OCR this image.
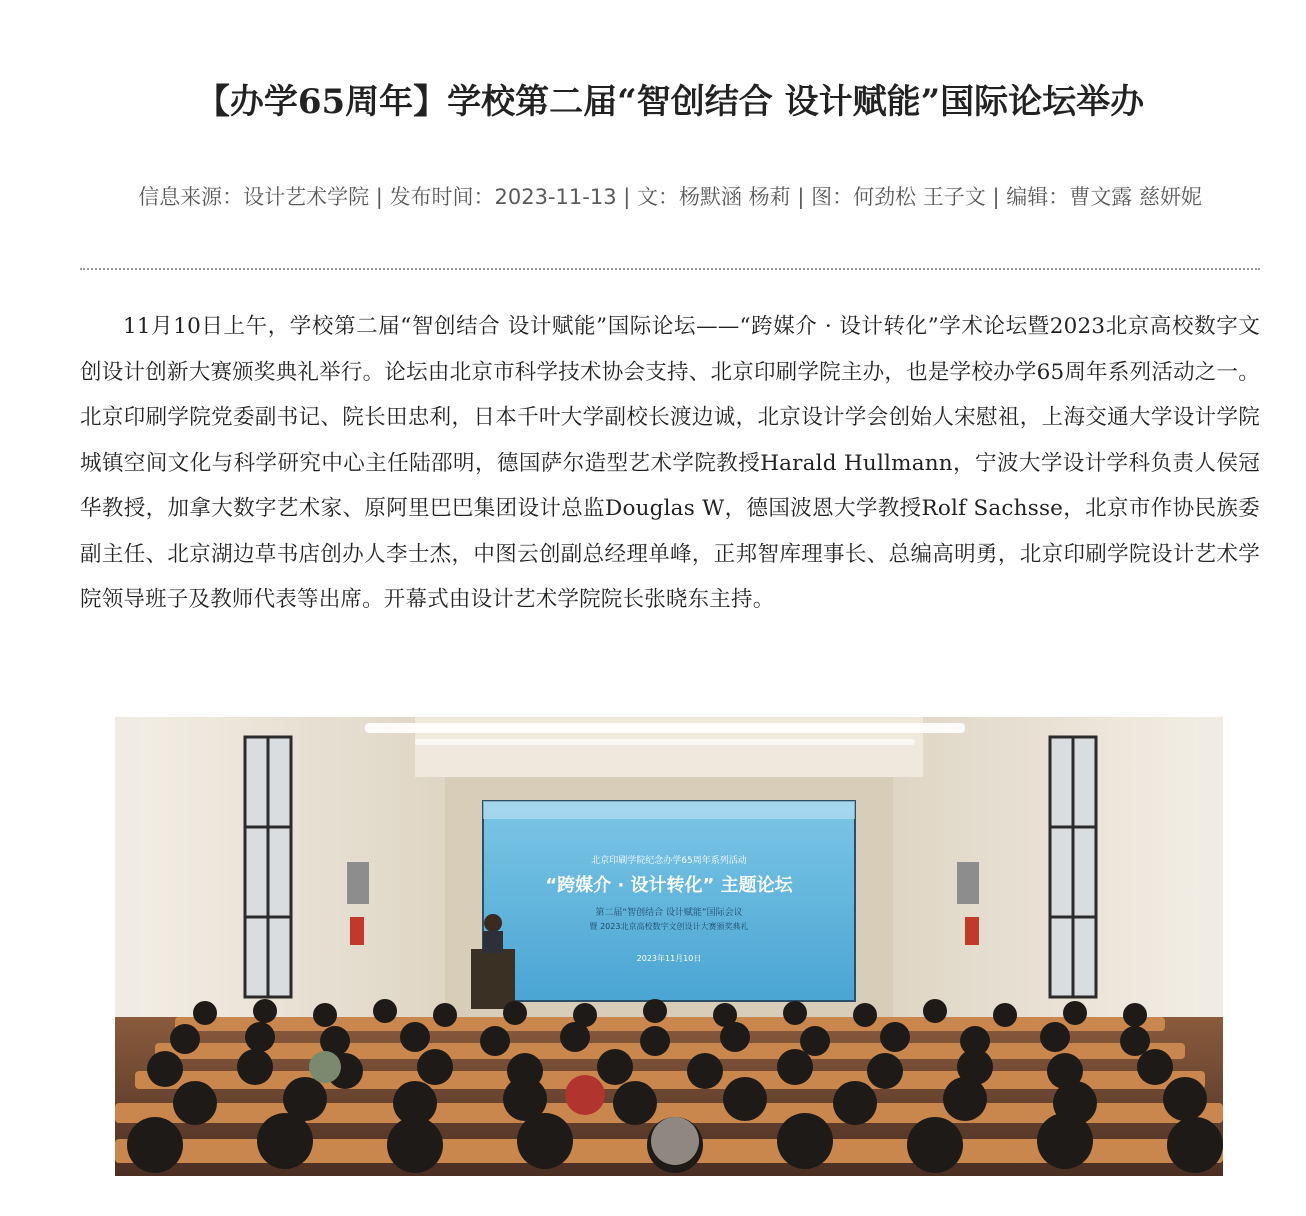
【办学65周年】学校第二届“智创结合 设计赋能”国际论坛举办
信息来源：设计艺术学院 | 发布时间：2023-11-13 | 文：杨默涵 杨莉 | 图：何劲松 王子文 | 编辑：曹文露 慈妍妮

11月10日上午，学校第二届“智创结合 设计赋能”国际论坛——“跨媒介 · 设计转化”学术论坛暨2023北京高校数字文创设计创新大赛颁奖典礼举行。论坛由北京市科学技术协会支持、北京印刷学院主办，也是学校办学65周年系列活动之一。北京印刷学院党委副书记、院长田忠利，日本千叶大学副校长渡边诚，北京设计学会创始人宋慰祖，上海交通大学设计学院城镇空间文化与科学研究中心主任陆邵明，德国萨尔造型艺术学院教授Harald Hullmann，宁波大学设计学科负责人侯冠华教授，加拿大数字艺术家、原阿里巴巴集团设计总监Douglas W，德国波恩大学教授Rolf Sachsse，北京市作协民族委副主任、北京湖边草书店创办人李士杰，中图云创副总经理单峰，正邦智库理事长、总编高明勇，北京印刷学院设计艺术学院领导班子及教师代表等出席。开幕式由设计艺术学院院长张晓东主持。

北京印刷学院纪念办学65周年系列活动
“跨媒介 · 设计转化” 主题论坛
第二届“智创结合 设计赋能”国际会议
暨 2023北京高校数字文创设计大赛颁奖典礼
2023年11月10日
